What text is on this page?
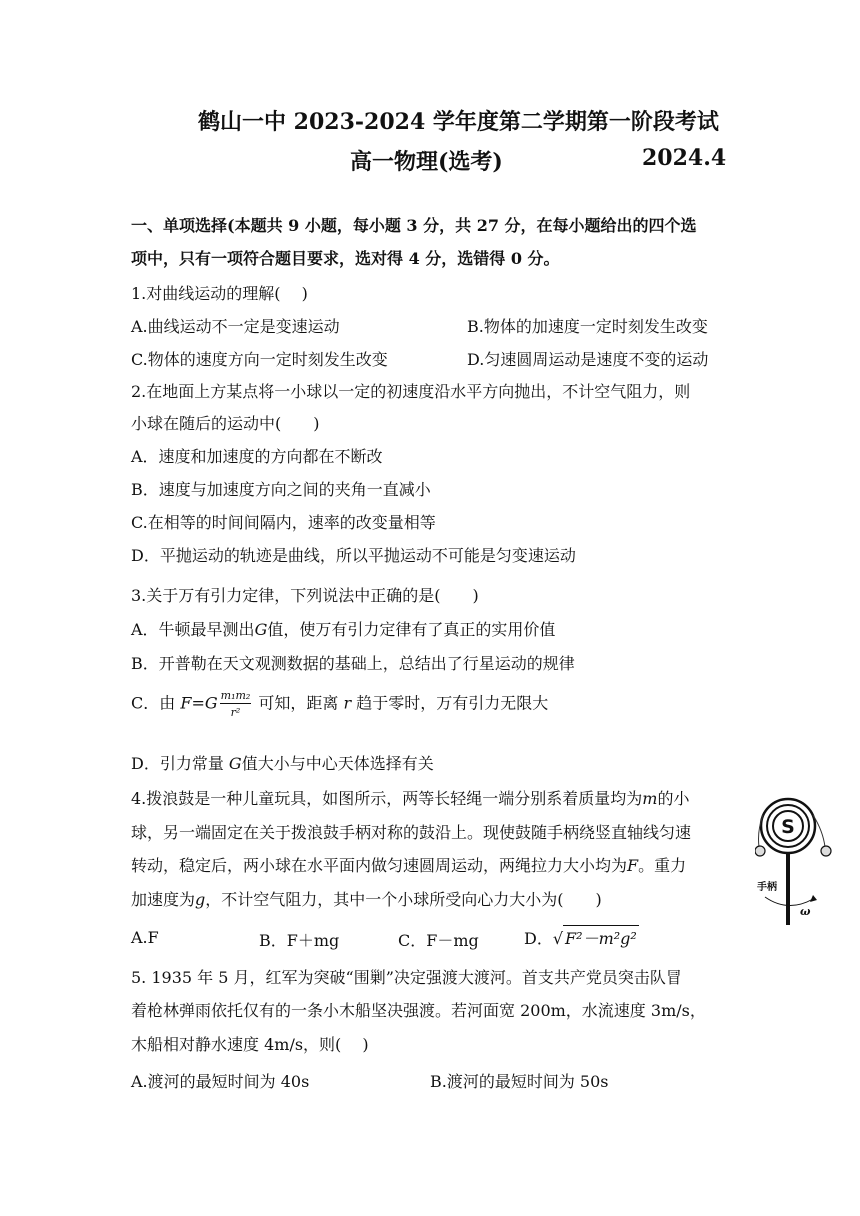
鹤山一中 2023-2024 学年度第二学期第一阶段考试
高一物理(选考)	2024.4
一、单项选择(本题共 9 小题，每小题 3 分，共 27 分，在每小题给出的四个选
项中，只有一项符合题目要求，选对得 4 分，选错得 0 分。
1.对曲线运动的理解(　 )
A.曲线运动不一定是变速运动	B.物体的加速度一定时刻发生改变
C.物体的速度方向一定时刻发生改变	D.匀速圆周运动是速度不变的运动
2.在地面上方某点将一小球以一定的初速度沿水平方向抛出，不计空气阻力，则
小球在随后的运动中(　　)
A．速度和加速度的方向都在不断改
B．速度与加速度方向之间的夹角一直减小
C.在相等的时间间隔内，速率的改变量相等
D．平抛运动的轨迹是曲线，所以平抛运动不可能是匀变速运动
3.关于万有引力定律，下列说法中正确的是(　　)
A．牛顿最早测出G值，使万有引力定律有了真正的实用价值
B．开普勒在天文观测数据的基础上，总结出了行星运动的规律
C．由 $F=G \frac{\text{m₁m₂}}{\text{r²}}$ 可知，距离 r 趋于零时，万有引力无限大
D．引力常量 G值大小与中心天体选择有关
4.拨浪鼓是一种儿童玩具，如图所示，两等长轻绳一端分别系着质量均为m的小
球，另一端固定在关于拨浪鼓手柄对称的鼓沿上。现使鼓随手柄绕竖直轴线匀速
转动，稳定后，两小球在水平面内做匀速圆周运动，两绳拉力大小均为F。重力
加速度为g，不计空气阻力，其中一个小球所受向心力大小为(　　)
A.F	B．F＋mg	C．F－mg	D．√ F²－m²g²
S
手柄
ω
5. 1935 年 5 月，红军为突破“围剿”决定强渡大渡河。首支共产党员突击队冒
着枪林弹雨依托仅有的一条小木船坚决强渡。若河面宽 200m，水流速度 3m/s，
木船相对静水速度 4m/s，则(　 )
A.渡河的最短时间为 40s	B.渡河的最短时间为 50s
